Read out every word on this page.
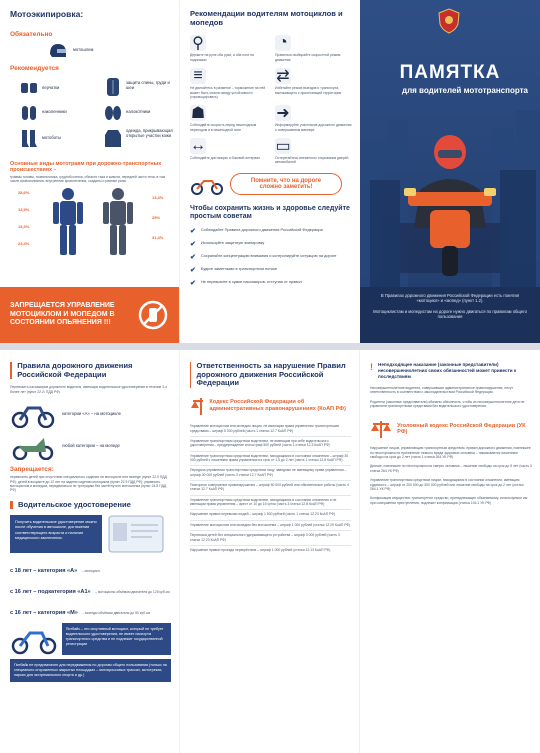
Мотоэкипировка:
Обязательно
мотошлем
Рекомендуется
перчатки
защита спины, груди и шеи
наколенники	налокотники
мотоботы
одежда, прикрывающая открытые участки кожи
Основные виды мототравм при дорожно-транспортных происшествиях –
травмы головы, позвоночника, грудной клетки, области таза и живота, передней части тела, в том числе кровоизлияния, внутренние кровотечения, ссадины и рваные раны
28,6%
13,5%
13,3%
23,4%
13,4%
25%
31,4%
ЗАПРЕЩАЕТСЯ УПРАВЛЕНИЕ МОТОЦИКЛОМ И МОПЕДОМ В СОСТОЯНИИ ОПЬЯНЕНИЯ !!!
Рекомендации водителям мотоциклов и мопедов
⚲
Держите на руле оба руки, а оба ноги на подножках
◔
Правильно выбирайте скоростной режим движения
≡
Не двигайтесь в разметке – торможение на ней может быть опасно ввиду устойчивости (спровоцировать)
⇄
Избегайте резких выездов и транспорта, выезжающего с прилегающей территории
☗
Соблюдайте скорость перед пешеходным переходом и в пешеходной зоне
➜
Информируйте участников дорожного движения о совершаемом маневре
↔
Соблюдайте дистанцию и боковой интервал
▭
Остерегайтесь внезапного открывания дверей автомобилей
Помните, что на дороге сложно заметить!
Чтобы сохранить жизнь и здоровье следуйте простым советам
✔ Соблюдайте Правила дорожного движения Российской Федерации
✔ Используйте защитную экипировку
✔ Сохраняйте концентрацию внимания и контролируйте ситуацию на дороге
✔ Будьте заметными в транспортном потоке
✔ Не перевозите в сумке пассажиров, отступая от правил
ПАМЯТКА
для водителей мототранспорта
В Правилах дорожного движения Российской Федерации есть понятия «мотоцикл» и «мопед» (пункт 1.2).
Мотоциклистам и мопедистам на дороге нужно двигаться по правилам общего пользования
Правила дорожного движения Российской Федерации
Перевозить пассажиров дорожного водителя, имеющих водительское удостоверение в течение 2-х более лет (пункт 22.2¹ ПДД РФ).
категории «А» – на мотоцикле
любой категории – на мопеде
Запрещается:
перевозить детей при отсутствии специального сидения на мотоцикле или мопеде (пункт 22.9 ПДД РФ); детей в возрасте до 12 лет на заднем сидении мотоцикла (пункт 22.9 ПДД РФ); управлять мотоциклом и мопедом, передвигаться по тротуарам без застёгнутого мотошлема (пункт 24.8 ПДД РФ)
Водительское удостоверение
Получить водительское удостоверение можно после обучения в автошколе, достижении соответствующего возраста и наличии медицинского заключения:
с 18 лет – категория «А» – мотоцикл;
с 16 лет – подкатегория «А1» – мотоциклы объёмом двигателя до 125 куб.см
с 16 лет – категория «М» – мопеды объёмом двигателя до 50 куб.см
Питбайк – это спортивный мотоцикл, который не требует водительского удостоверения, не имеет паспорта транспортного средства и не подлежит государственной регистрации
Питбайк не предназначен для передвижения по дорогам общего пользования (только на специально огороженных закрытых площадках – мотокроссовых трассах, мототреках, парках для экстремального спорта и др.)
Ответственность за нарушение Правил дорожного движения Российской Федерации
Кодекс Российской Федерации об административных правонарушениях (КоАП РФ)
Управление мотоциклом или мопедом лицом, не имеющим права управления транспортными средствами – штраф 5 000 рублей (часть 1 статьи 12.7 КоАП РФ)
Управление транспортным средством водителем, не имеющим при себе водительского удостоверения – предупреждение или штраф 500 рублей (часть 1 статьи 12.3 КоАП РФ)
Управление транспортным средством водителем, находящимся в состоянии опьянения – штраф 30 000 рублей с лишением права управления на срок от 1,5 до 2 лет (часть 1 статьи 12.8 КоАП РФ)
Передача управления транспортным средством лицу, заведомо не имеющему права управления – штраф 30 000 рублей (часть 3 статьи 12.7 КоАП РФ)
Повторное совершение правонарушения – штраф 50 000 рублей или обязательные работы (часть 4 статьи 12.7 КоАП РФ)
Управление транспортным средством водителем, находящимся в состоянии опьянения и не имеющим права управления – арест от 10 до 15 суток (часть 3 статьи 12.8 КоАП РФ)
Нарушение правил перевозки людей – штраф 1 500 рублей (часть 1 статьи 12.23 КоАП РФ)
Управление мотоциклом или мопедом без мотошлема – штраф 1 000 рублей (статья 12.29 КоАП РФ)
Перевозка детей без специального удерживающего устройства – штраф 3 000 рублей (часть 3 статьи 12.23 КоАП РФ)
Нарушение правил проезда перекрёстков – штраф 1 000 рублей (статья 12.13 КоАП РФ)
! Неподходящее наказание (законные представители) несовершеннолетних своих обязанностей может привести к последствиям
Несовершеннолетние водители, совершившие административное правонарушение, несут ответственность в соответствии с законодательством Российской Федерации.
Родители (законные представители) обязаны обеспечить, чтобы их несовершеннолетние дети не управляли транспортными средствами без водительского удостоверения.
Уголовный кодекс Российской Федерации (УК РФ)
Нарушение лицом, управляющим транспортным средством, правил дорожного движения, повлекшее по неосторожности причинение тяжкого вреда здоровью человека – наказывается лишением свободы на срок до 2 лет (часть 1 статьи 264 УК РФ)
Деяние, повлекшее по неосторожности смерть человека – лишение свободы на срок до 5 лет (часть 3 статьи 264 УК РФ)
Управление транспортным средством лицом, находящимся в состоянии опьянения, имеющим судимость – штраф от 200 000 до 300 000 рублей или лишение свободы на срок до 2 лет (статья 264.1 УК РФ)
Конфискация имущества: транспортное средство, принадлежащее обвиняемому, используемое им при совершении преступления, подлежит конфискации (статья 104.1 УК РФ)
